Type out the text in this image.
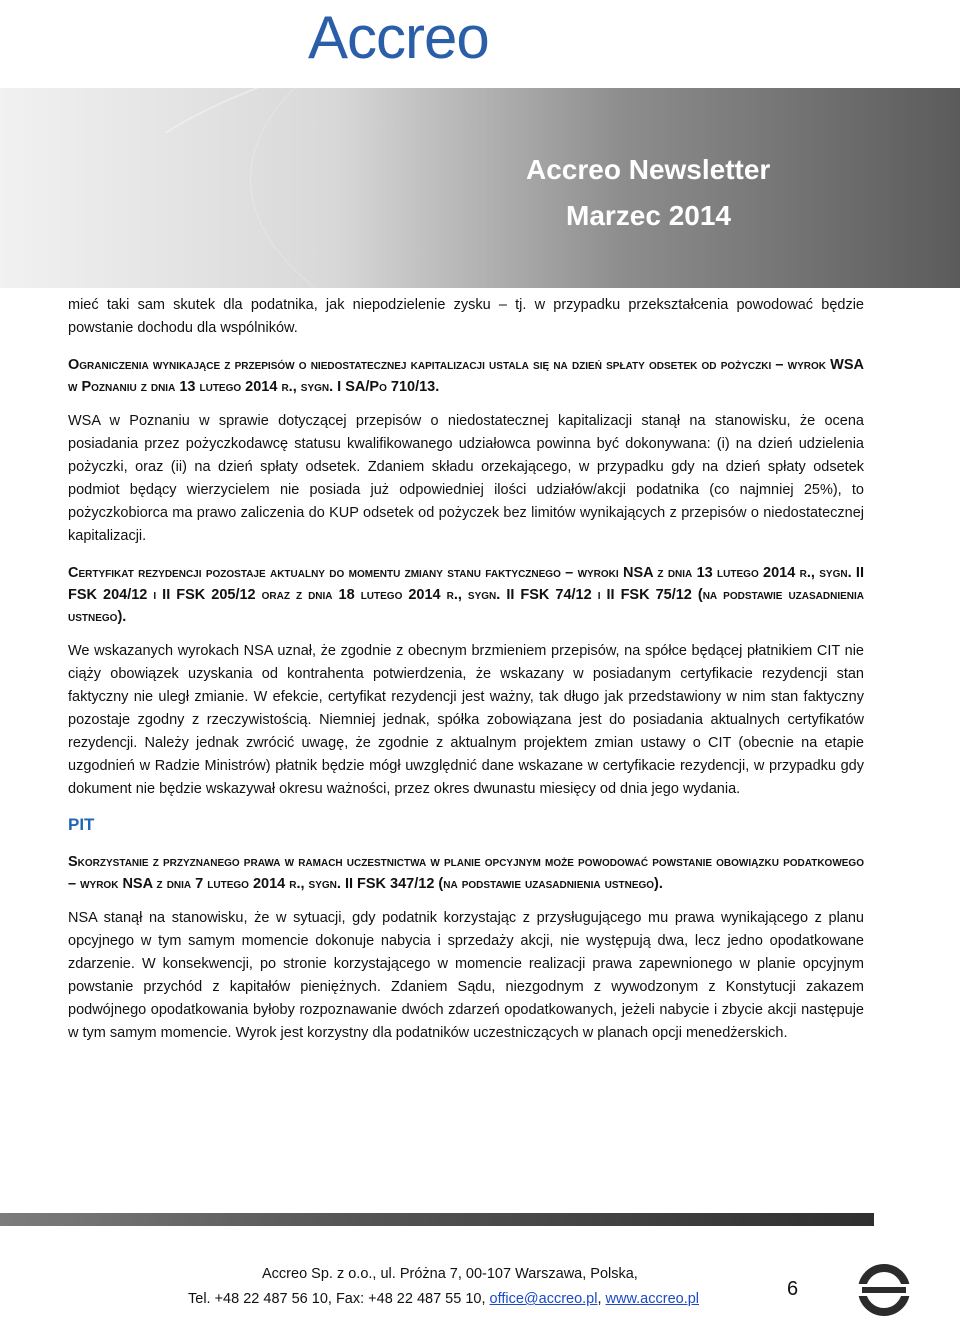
Accreo
Accreo Newsletter
Marzec 2014

mieć taki sam skutek dla podatnika, jak niepodzielenie zysku – tj. w przypadku przekształcenia powodować będzie powstanie dochodu dla wspólników.

Ograniczenia wynikające z przepisów o niedostatecznej kapitalizacji ustala się na dzień spłaty odsetek od pożyczki – wyrok WSA w Poznaniu z dnia 13 lutego 2014 r., sygn. I SA/Po 710/13.

WSA w Poznaniu w sprawie dotyczącej przepisów o niedostatecznej kapitalizacji stanął na stanowisku, że ocena posiadania przez pożyczkodawcę statusu kwalifikowanego udziałowca powinna być dokonywana: (i) na dzień udzielenia pożyczki, oraz (ii) na dzień spłaty odsetek. Zdaniem składu orzekającego, w przypadku gdy na dzień spłaty odsetek podmiot będący wierzycielem nie posiada już odpowiedniej ilości udziałów/akcji podatnika (co najmniej 25%), to pożyczkobiorca ma prawo zaliczenia do KUP odsetek od pożyczek bez limitów wynikających z przepisów o niedostatecznej kapitalizacji.

Certyfikat rezydencji pozostaje aktualny do momentu zmiany stanu faktycznego – wyroki NSA z dnia 13 lutego 2014 r., sygn. II FSK 204/12 i II FSK 205/12 oraz z dnia 18 lutego 2014 r., sygn. II FSK 74/12 i II FSK 75/12 (na podstawie uzasadnienia ustnego).

We wskazanych wyrokach NSA uznał, że zgodnie z obecnym brzmieniem przepisów, na spółce będącej płatnikiem CIT nie ciąży obowiązek uzyskania od kontrahenta potwierdzenia, że wskazany w posiadanym certyfikacie rezydencji stan faktyczny nie uległ zmianie. W efekcie, certyfikat rezydencji jest ważny, tak długo jak przedstawiony w nim stan faktyczny pozostaje zgodny z rzeczywistością. Niemniej jednak, spółka zobowiązana jest do posiadania aktualnych certyfikatów rezydencji. Należy jednak zwrócić uwagę, że zgodnie z aktualnym projektem zmian ustawy o CIT (obecnie na etapie uzgodnień w Radzie Ministrów) płatnik będzie mógł uwzględnić dane wskazane w certyfikacie rezydencji, w przypadku gdy dokument nie będzie wskazywał okresu ważności, przez okres dwunastu miesięcy od dnia jego wydania.

PIT

Skorzystanie z przyznanego prawa w ramach uczestnictwa w planie opcyjnym może powodować powstanie obowiązku podatkowego – wyrok NSA z dnia 7 lutego 2014 r., sygn. II FSK 347/12 (na podstawie uzasadnienia ustnego).

NSA stanął na stanowisku, że w sytuacji, gdy podatnik korzystając z przysługującego mu prawa wynikającego z planu opcyjnego w tym samym momencie dokonuje nabycia i sprzedaży akcji, nie występują dwa, lecz jedno opodatkowane zdarzenie. W konsekwencji, po stronie korzystającego w momencie realizacji prawa zapewnionego w planie opcyjnym powstanie przychód z kapitałów pieniężnych. Zdaniem Sądu, niezgodnym z wywodzonym z Konstytucji zakazem podwójnego opodatkowania byłoby rozpoznawanie dwóch zdarzeń opodatkowanych, jeżeli nabycie i zbycie akcji następuje w tym samym momencie. Wyrok jest korzystny dla podatników uczestniczących w planach opcji menedżerskich.

Accreo Sp. z o.o., ul. Próżna 7, 00-107 Warszawa, Polska,
Tel. +48 22 487 56 10, Fax: +48 22 487 55 10, office@accreo.pl, www.accreo.pl	6
